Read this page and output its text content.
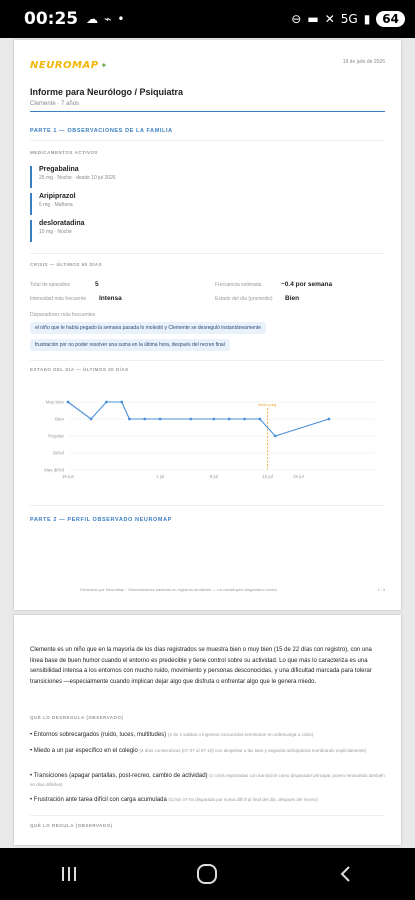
00:25 ☁ ⌁ •	⊖ ▬ ✕ 5G ▮	64
NEUROMAP ✦	19 de julio de 2026
Informe para Neurólogo / Psiquiatra
Clemente · 7 años
PARTE 1 — OBSERVACIONES DE LA FAMILIA
MEDICAMENTOS ACTIVOS
Pregabalina
25 mg · Noche · desde 10 jul 2026
Aripiprazol
5 mg · Mañana
desloratadina
10 mg · Noche
CRISIS — ÚLTIMOS 90 DÍAS
Total de episodios	5	Frecuencia estimada	~0.4 por semana
Intensidad más frecuente Intensa	Estado del día (promedio) Bien
Disparadores más frecuentes
el niño que le había pegado la semana pasada lo molestó y Clemente se desreguló instantáneamente
frustración por no poder resolver una suma en la última hora, después del recreo final
ESTADO DEL DÍA — ÚLTIMOS 30 DÍAS
May difícil
Difícil
Regular
Bien
Muy bien
19 jun	1 jul	8 jul	15 jul	19 jul
Inicio preg.
PARTE 2 — PERFIL OBSERVADO NEUROMAP
Generado por NeuroMap · Observaciones basadas en registros familiares — no constituyen diagnóstico clínico.	1 / 3
Clemente es un niño que en la mayoría de los días registrados se muestra bien o muy bien (15 de 22 días con registro), con una línea base de buen humor cuando el entorno es predecible y tiene control sobre su actividad. Lo que más lo caracteriza es una sensibilidad intensa a los entornos con mucho ruido, movimiento y personas desconocidas, y una dificultad marcada para tolerar transiciones —especialmente cuando implican dejar algo que disfruta o enfrentar algo que le genera miedo.
QUÉ LO DESREGULA (OBSERVADO)
• Entornos sobrecargados (ruido, luces, multitudes) (3 de 3 salidas o ingresos concurridos terminaron en sobrecarga o crisis)
• Miedo a un par específico en el colegio (4 días consecutivos (07-07 al 07-10) con despertar a las 5am y angustia anticipatoria nombrando explícitamente)
• Transiciones (apagar pantallas, post-recreo, cambio de actividad) (2 crisis registradas con transición como disparador principal, ponen renovando también en días difíciles)
• Frustración ante tarea difícil con carga acumulada (Crisis 07-04 disparada por suma difícil al final del día, después del recreo)
QUÉ LO REGULA (OBSERVADO)
